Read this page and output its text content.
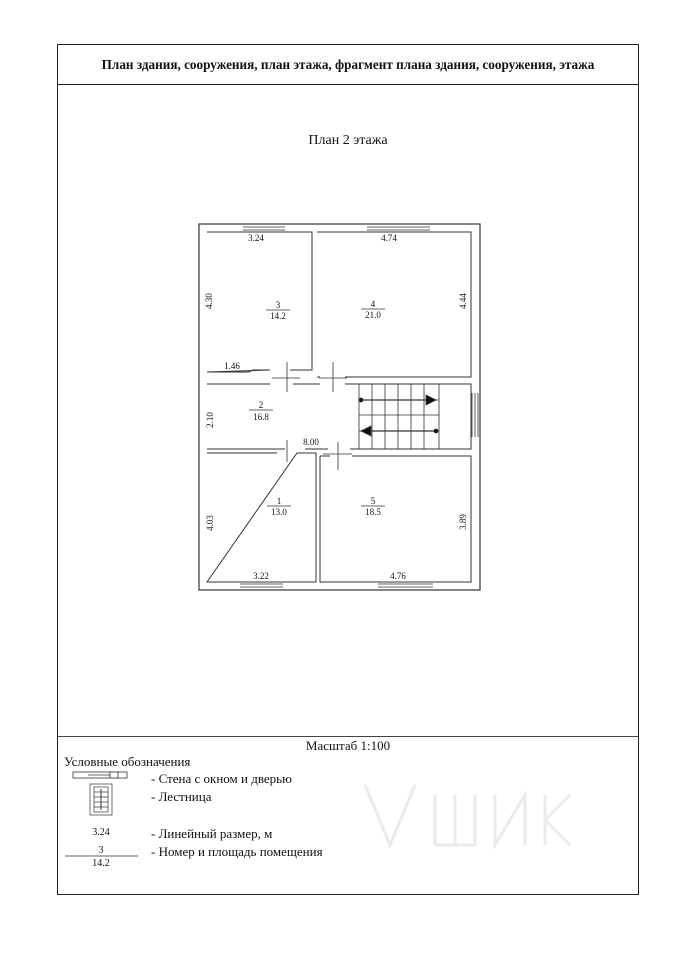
План здания, сооружения, план этажа, фрагмент плана здания, сооружения, этажа
План 2 этажа
Масштаб 1:100
Условные обозначения
- Стена с окном и дверью
- Лестница
- Линейный размер, м
- Номер и площадь помещения
3.24
4.30
1.46
4.74
4.44
2.10
8.00
4.03
3.22	4.76
3.89
3
14.2
4
21.0
2
16.8
1
13.0
5
18.5
3.24
3
14.2
